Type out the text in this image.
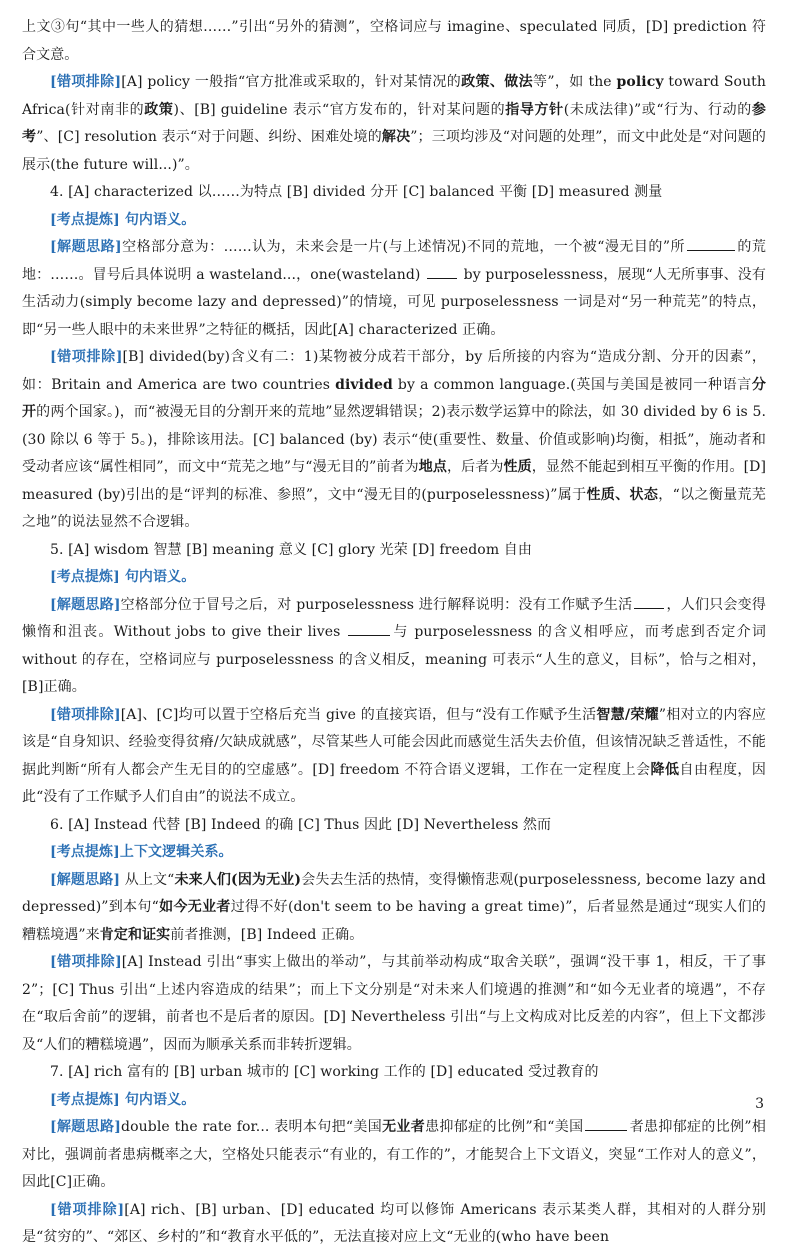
上文③句“其中一些人的猜想……”引出“另外的猜测”，空格词应与 imagine、speculated 同质，[D] prediction 符合文意。

[错项排除][A] policy 一般指“官方批准或采取的，针对某情况的政策、做法等”，如 the policy toward South Africa(针对南非的政策)、[B] guideline 表示“官方发布的，针对某问题的指导方针(未成法律)”或“行为、行动的参考”、[C] resolution 表示“对于问题、纠纷、困难处境的解决”；三项均涉及“对问题的处理”，而文中此处是“对问题的展示(the future will...)”。

4. [A] characterized 以……为特点 [B] divided 分开 [C] balanced 平衡 [D] measured 测量

[考点提炼] 句内语义。

[解题思路]空格部分意为：……认为，未来会是一片(与上述情况)不同的荒地，一个被“漫无目的”所	的荒地：……。冒号后具体说明 a wasteland...，one(wasteland)  by purposelessness，展现“人无所事事、没有生活动力(simply become lazy and depressed)”的情境，可见 purposelessness 一词是对“另一种荒芜”的特点，即“另一些人眼中的未来世界”之特征的概括，因此[A] characterized 正确。

[错项排除][B] divided(by)含义有二：1)某物被分成若干部分，by 后所接的内容为“造成分割、分开的因素”，如：Britain and America are two countries divided by a common language.(英国与美国是被同一种语言分开的两个国家。)，而“被漫无目的分割开来的荒地”显然逻辑错误；2)表示数学运算中的除法，如 30 divided by 6 is 5.(30 除以 6 等于 5。)，排除该用法。[C] balanced (by) 表示“使(重要性、数量、价值或影响)均衡，相抵”，施动者和受动者应该“属性相同”，而文中“荒芜之地”与“漫无目的”前者为地点，后者为性质，显然不能起到相互平衡的作用。[D] measured (by)引出的是“评判的标准、参照”，文中“漫无目的(purposelessness)”属于性质、状态，“以之衡量荒芜之地”的说法显然不合逻辑。

5. [A] wisdom 智慧 [B] meaning 意义 [C] glory 光荣 [D] freedom 自由

[考点提炼] 句内语义。

[解题思路]空格部分位于冒号之后，对 purposelessness 进行解释说明：没有工作赋予生活 ，人们只会变得懒惰和沮丧。Without jobs to give their lives	与 purposelessness 的含义相呼应，而考虑到否定介词 without 的存在，空格词应与 purposelessness 的含义相反，meaning 可表示“人生的意义，目标”，恰与之相对，[B]正确。

[错项排除][A]、[C]均可以置于空格后充当 give 的直接宾语，但与“没有工作赋予生活智慧/荣耀”相对立的内容应该是“自身知识、经验变得贫瘠/欠缺成就感”，尽管某些人可能会因此而感觉生活失去价值，但该情况缺乏普适性，不能据此判断“所有人都会产生无目的的空虚感”。[D] freedom 不符合语义逻辑，工作在一定程度上会降低自由程度，因此“没有了工作赋予人们自由”的说法不成立。

6. [A] Instead 代替 [B] Indeed 的确 [C] Thus 因此 [D] Nevertheless 然而

[考点提炼]上下文逻辑关系。

[解题思路] 从上文“未来人们(因为无业)会失去生活的热情，变得懒惰悲观(purposelessness, become lazy and depressed)”到本句“如今无业者过得不好(don't seem to be having a great time)”，后者显然是通过“现实人们的糟糕境遇”来肯定和证实前者推测，[B] Indeed 正确。

[错项排除][A] Instead 引出“事实上做出的举动”，与其前举动构成“取舍关联”，强调“没干事 1，相反，干了事 2”；[C] Thus 引出“上述内容造成的结果”；而上下文分别是“对未来人们境遇的推测”和“如今无业者的境遇”，不存在“取后舍前”的逻辑，前者也不是后者的原因。[D] Nevertheless 引出“与上文构成对比反差的内容”，但上下文都涉及“人们的糟糕境遇”，因而为顺承关系而非转折逻辑。

7. [A] rich 富有的 [B] urban 城市的 [C] working 工作的 [D] educated 受过教育的

[考点提炼] 句内语义。

[解题思路]double the rate for... 表明本句把“美国无业者患抑郁症的比例”和“美国	者患抑郁症的比例”相对比，强调前者患病概率之大，空格处只能表示“有业的，有工作的”，才能契合上下文语义，突显“工作对人的意义”，因此[C]正确。

[错项排除][A] rich、[B] urban、[D] educated 均可以修饰 Americans 表示某类人群，其相对的人群分别是“贫穷的”、“郊区、乡村的”和“教育水平低的”，无法直接对应上文“无业的(who have been

3
